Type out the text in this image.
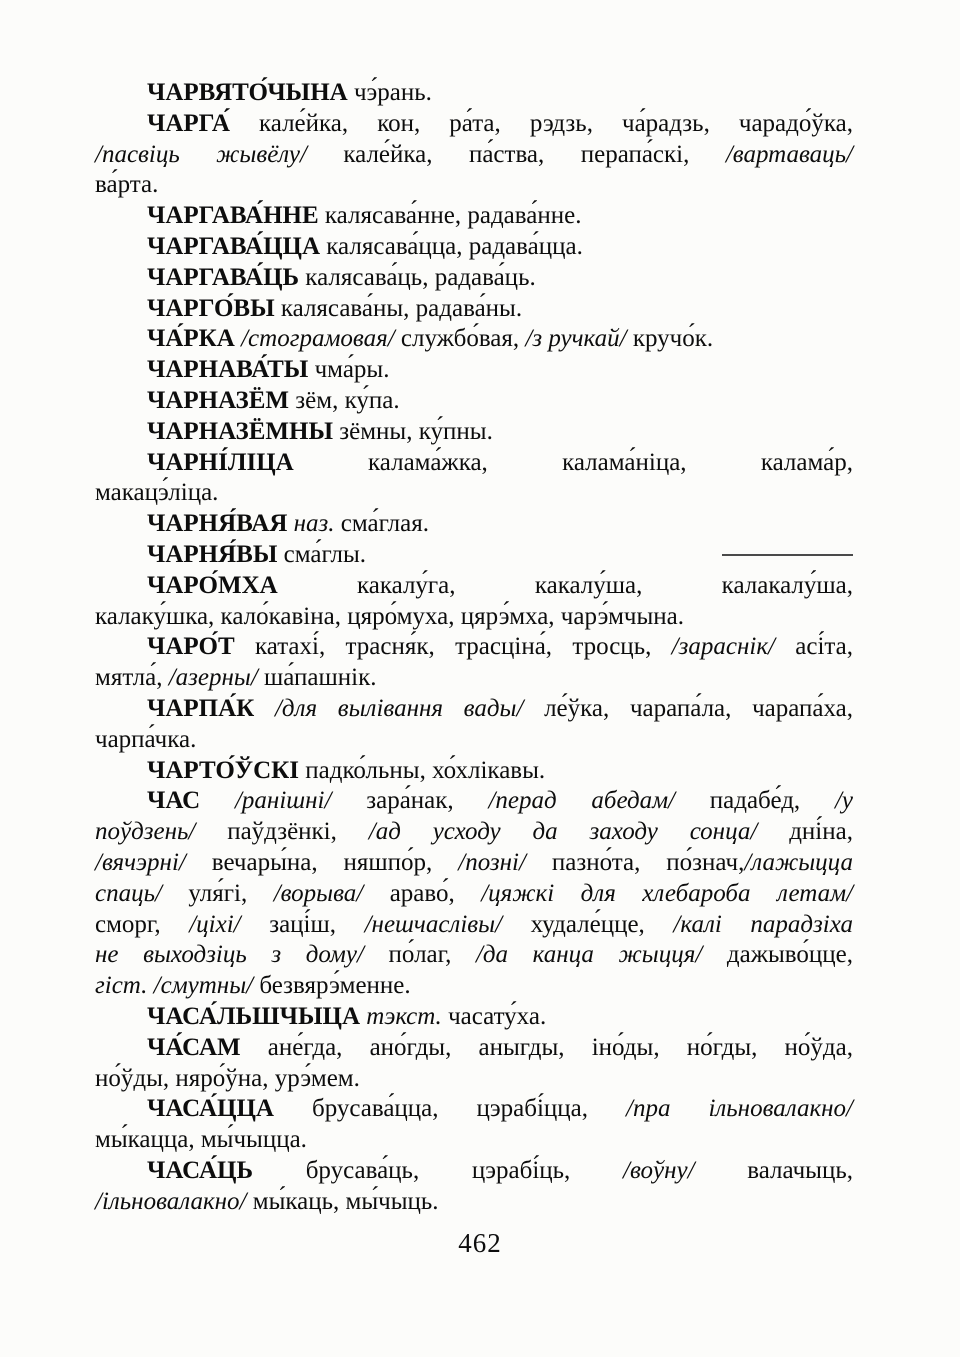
ЧАРВЯТО́ЧЫНА чэ́рань.
ЧАРГА́ кале́йка, кон, ра́та, рэдзь, ча́радзь, чарадо́ўка,
/пасвіць жывёлу/ кале́йка, па́ства, перапа́скі, /вартаваць/
ва́рта.
ЧАРГАВА́ННЕ калясава́нне, радава́нне.
ЧАРГАВА́ЦЦА калясава́цца, радава́цца.
ЧАРГАВА́ЦЬ калясава́ць, радава́ць.
ЧАРГО́ВЫ калясава́ны, радава́ны.
ЧА́РКА /стограмовая/ службо́вая, /з ручкай/ кручо́к.
ЧАРНАВА́ТЫ чма́ры.
ЧАРНАЗЁМ зём, ку́па.
ЧАРНАЗЁМНЫ зёмны, ку́пны.
ЧАРНІ́ЛІЦА калама́жка, калама́ніца, калама́р,
макацэ́ліца.
ЧАРНЯ́ВАЯ наз. сма́глая.
ЧАРНЯ́ВЫ сма́глы.
ЧАРО́МХА какалу́га, какалу́ша, калакалу́ша,
калаку́шка, кало́кавіна, цяро́муха, цярэ́мха, чарэ́мчына.
ЧАРО́Т катахі́, трасня́к, трасціна́, тросць, /зараснік/ асі́та,
мятла́, /азерны/ ша́пашнік.
ЧАРПА́К /для вылівання вады/ ле́ўка, чарапа́ла, чарапа́ха,
чарпа́чка.
ЧАРТО́ЎСКІ падко́льны, хо́хлікавы.
ЧАС /ранішні/ зара́нак, /перад абедам/ падабе́д, /у
поўдзень/ паўдзёнкі, /ад усходу да заходу сонца/ дні́на,
/вячэрні/ вечары́на, няшпо́р, /позні/ пазно́та, по́знач,/лажыцца
спаць/ уля́гі, /ворыва/ араво́, /цяжкі для хлебароба летам/
сморг, /ціхі/ заці́ш, /нешчаслівы/ худале́цце, /калі парадзіха
не выходзіць з дому/ по́лаг, /да канца жыцця/ дажыво́цце,
гіст. /смутны/ безвярэ́менне.
ЧАСА́ЛЬШЧЫЦА тэкст. часату́ха.
ЧА́САМ ане́гда, ано́гды, аныгды, іно́ды, но́гды, но́ўда,
но́ўды, няро́ўна, урэ́мем.
ЧАСА́ЦЦА брусава́цца, цэрабі́цца, /пра ільновалакно/
мы́кацца, мы́чыцца.
ЧАСА́ЦЬ брусава́ць, цэрабі́ць, /воўну/ валачыць,
/ільновалакно/ мы́каць, мы́чыць.
462
